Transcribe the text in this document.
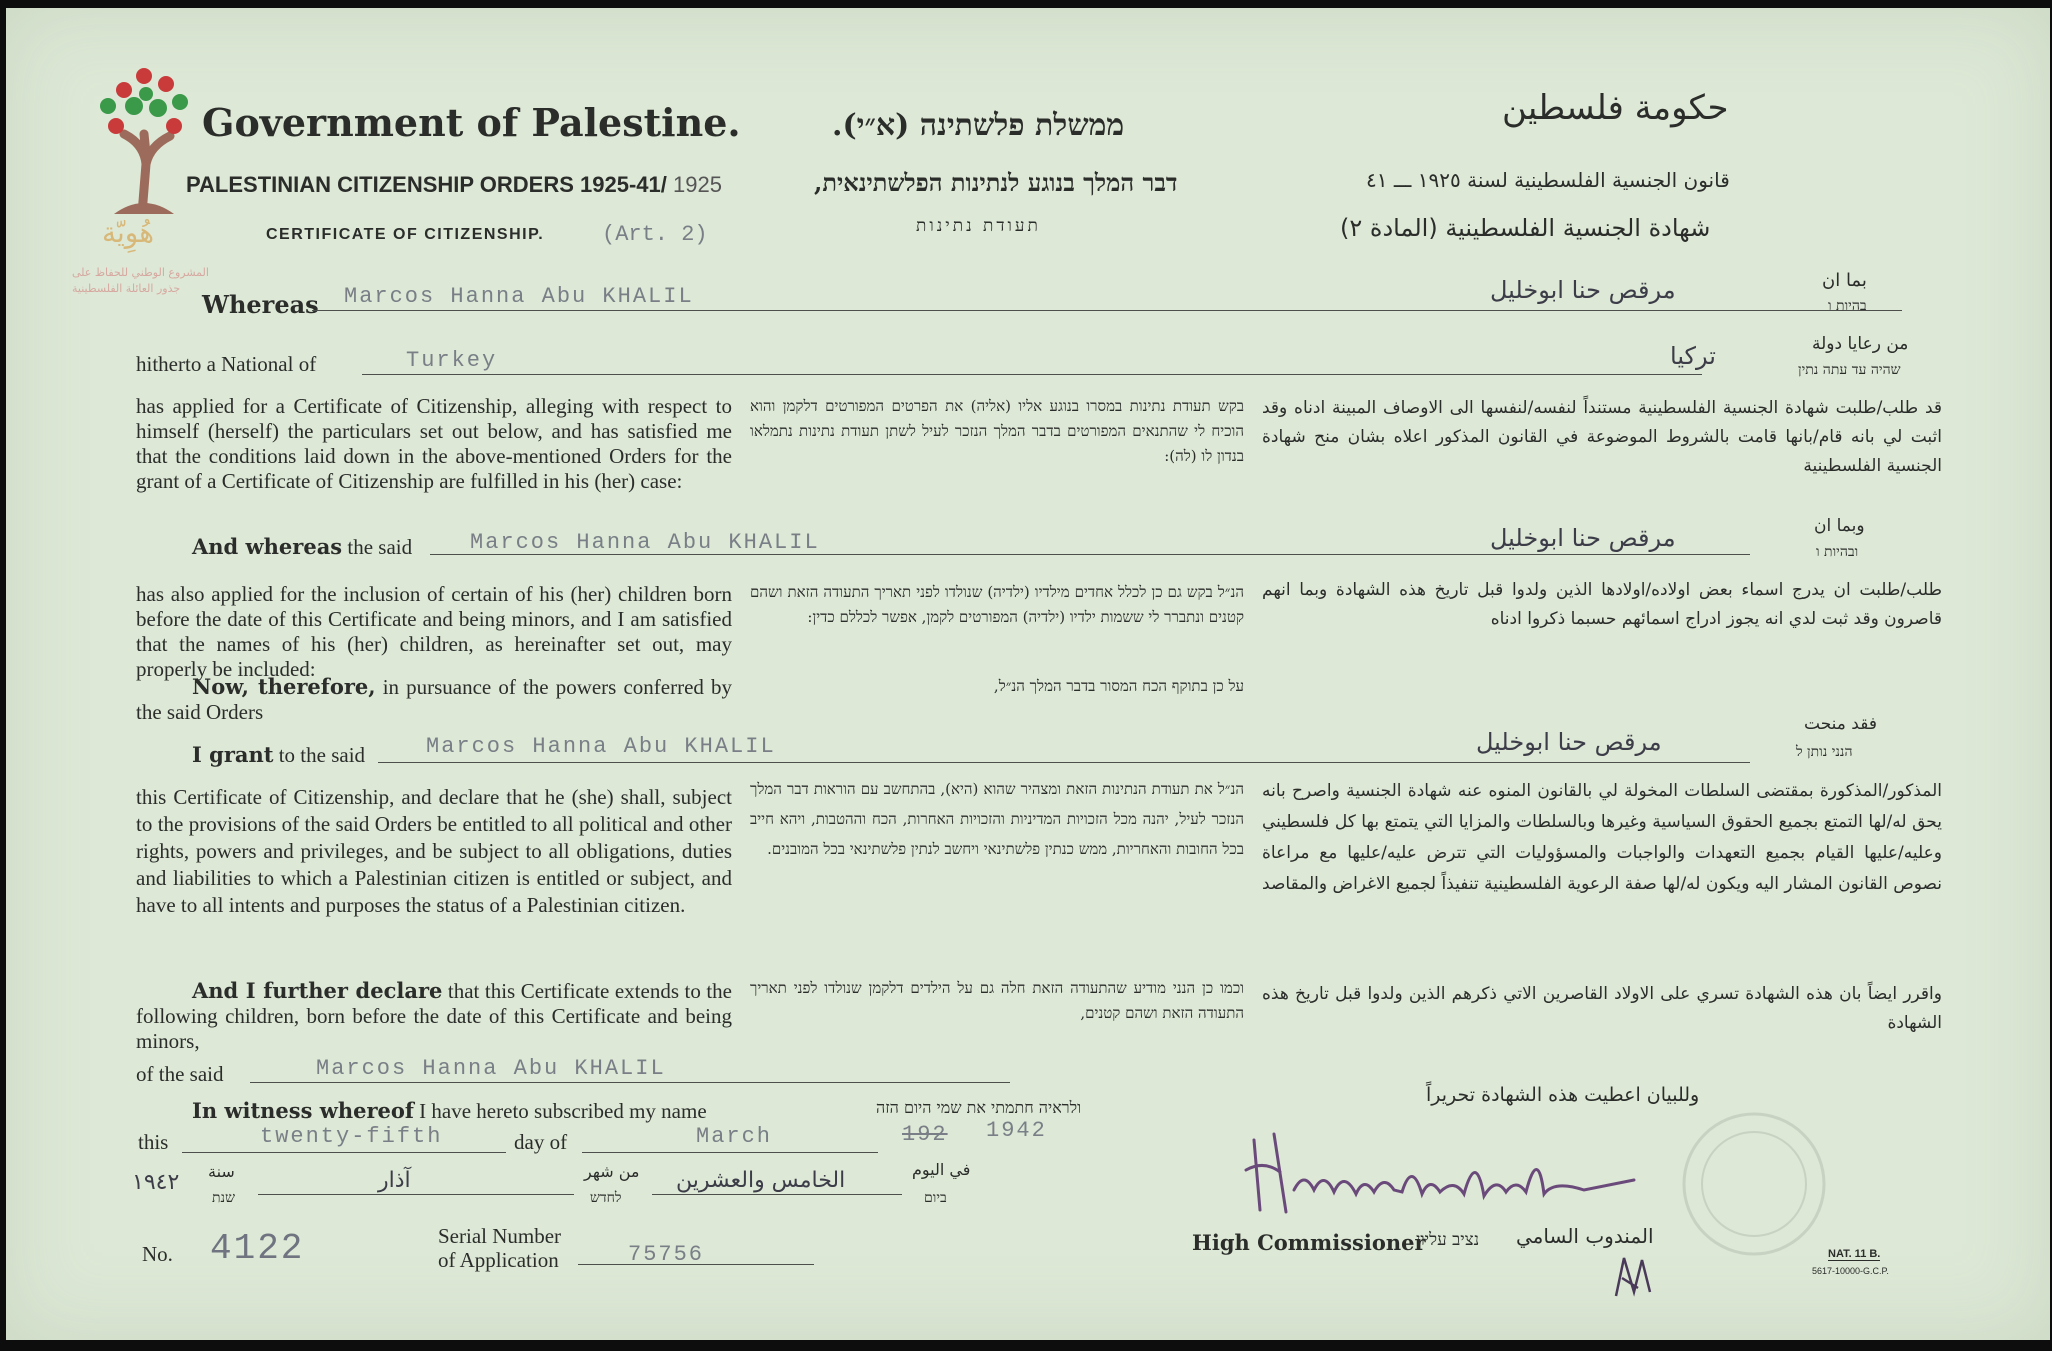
هُوِيّة
المشروع الوطني للحفاظ على
جذور العائلة الفلسطينية
Government of Palestine.	ממשלת פלשתינה (א״י).	حكومة فلسطين
PALESTINIAN CITIZENSHIP ORDERS 1925-41/ 1925	דבר המלך בנוגע לנתינות הפלשתינאית,	قانون الجنسية الفلسطينية لسنة ١٩٢٥ ـــ ٤١
CERTIFICATE OF CITIZENSHIP.	(Art. 2)	תעודת נתינות	شهادة الجنسية الفلسطينية (المادة ٢)
Whereas Marcos Hanna Abu KHALIL	مرقص حنا ابوخليل	بما ان
בהיות ו
hitherto a National of	Turkey	تركيا	من رعايا دولة
שהיה עד עתה נתין
has applied for a Certificate of Citizenship, alleging with respect to himself (herself) the particulars set out below, and has satisfied me that the conditions laid down in the above-mentioned Orders for the grant of a Certificate of Citizenship are fulfilled in his (her) case:
בקש תעודת נתינות במסרו בנוגע אליו (אליה) את הפרטים המפורטים דלקמן והוא הוכיח לי שהתנאים המפורטים בדבר המלך הנזכר לעיל לשתן תעודת נתינות נתמלאו בנדון לו (לה):
قد طلب/طلبت شهادة الجنسية الفلسطينية مستنداً لنفسه/لنفسها الى الاوصاف المبينة ادناه وقد اثبت لي بانه قام/بانها قامت بالشروط الموضوعة في القانون المذكور اعلاه بشان منح شهادة الجنسية الفلسطينية
And whereas the said	Marcos Hanna Abu KHALIL	مرقص حنا ابوخليل	وبما ان
ובהיות ו
has also applied for the inclusion of certain of his (her) children born before the date of this Certificate and being minors, and I am satisfied that the names of his (her) children, as hereinafter set out, may properly be included:
הנ״ל בקש גם כן לכלל אחדים מילדיו (ילדיה) שנולדו לפני תאריך התעודה הזאת ושהם קטנים ונתברר לי ששמות ילדיו (ילדיה) המפורטים לקמן, אפשר לכללם כדין:
על כן בתוקף הכח המסור בדבר המלך הנ״ל,
طلب/طلبت ان يدرج اسماء بعض اولاده/اولادها الذين ولدوا قبل تاريخ هذه الشهادة وبما انهم قاصرون وقد ثبت لدي انه يجوز ادراج اسمائهم حسبما ذكروا ادناه
Now, therefore, in pursuance of the powers conferred by the said Orders
I grant to the said	Marcos Hanna Abu KHALIL	مرقص حنا ابوخليل
فقد منحت
הנני נותן ל
this Certificate of Citizenship, and declare that he (she) shall, subject to the provisions of the said Orders be entitled to all political and other rights, powers and privileges, and be subject to all obligations, duties and liabilities to which a Palestinian citizen is entitled or subject, and have to all intents and purposes the status of a Palestinian citizen.
הנ״ל את תעודת הנתינות הזאת ומצהיר שהוא (היא), בהתחשב עם הוראות דבר המלך הנזכר לעיל, יהנה מכל הזכויות המדיניות והזכויות האחרות, הכח וההטבות, ויהא חייב בכל החובות והאחריות, ממש כנתין פלשתינאי ויחשב לנתין פלשתינאי בכל המובנים.
المذكور/المذكورة بمقتضى السلطات المخولة لي بالقانون المنوه عنه شهادة الجنسية واصرح بانه يحق له/لها التمتع بجميع الحقوق السياسية وغيرها وبالسلطات والمزايا التي يتمتع بها كل فلسطيني وعليه/عليها القيام بجميع التعهدات والواجبات والمسؤوليات التي تترض عليه/عليها مع مراعاة نصوص القانون المشار اليه ويكون له/لها صفة الرعوية الفلسطينية تنفيذاً لجميع الاغراض والمقاصد
And I further declare that this Certificate extends to the following children, born before the date of this Certificate and being minors,
וכמו כן הנני מודיע שהתעודה הזאת חלה גם על הילדים דלקמן שנולדו לפני תאריך התעודה הזאת ושהם קטנים,
واقرر ايضاً بان هذه الشهادة تسري على الاولاد القاصرين الاتي ذكرهم الذين ولدوا قبل تاريخ هذه الشهادة
of the said	Marcos Hanna Abu KHALIL
In witness whereof I have hereto subscribed my name	ולראיה חתמתי את שמי היום הזה
وللبيان اعطيت هذه الشهادة تحريراً
this	twenty-fifth	day of	March	192 1942
١٩٤٢ سنة
שנת
آذار	من شهر
לחדש
الخامس والعشرين	في اليوم
ביום
No. 4122	Serial Number
of Application	75756	High Commissioner
נציב עליון المندوب السامي
NAT. 11 B.
5617-10000-G.C.P.
